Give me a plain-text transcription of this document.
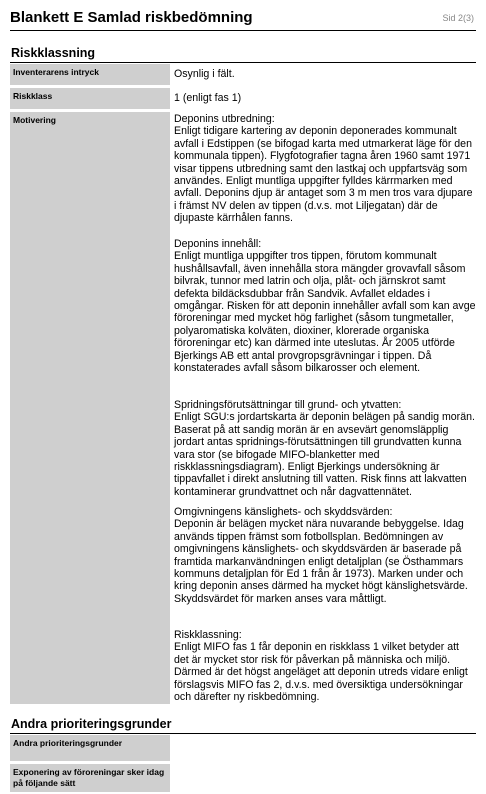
Blankett E Samlad riskbedömning	Sid 2(3)
Riskklassning
Inventerarens intryck	Osynlig i fält.
Riskklass	1 (enligt fas 1)
Motivering	Deponins utbredning:
Enligt tidigare kartering av deponin deponerades kommunalt avfall i Edstippen (se bifogad karta med utmarkerat läge för den kommunala tippen). Flygfotografier tagna åren 1960 samt 1971 visar tippens utbredning samt den lastkaj och uppfartsväg som användes. Enligt muntliga uppgifter fylldes kärrmarken med avfall. Deponins djup är antaget som 3 m men tros vara djupare i främst NV delen av tippen (d.v.s. mot Liljegatan) där de djupaste kärrhålen fanns.
Deponins innehåll:
Enligt muntliga uppgifter tros tippen, förutom kommunalt hushållsavfall, även innehålla stora mängder grovavfall såsom bilvrak, tunnor med latrin och olja, plåt- och järnskrot samt defekta bildäcksdubbar från Sandvik. Avfallet eldades i omgångar. Risken för att deponin innehåller avfall som kan avge föroreningar med mycket hög farlighet (såsom tungmetaller, polyaromatiska kolväten, dioxiner, klorerade organiska föroreningar etc) kan därmed inte uteslutas. År 2005 utförde Bjerkings AB ett antal provgropsgrävningar i tippen. Då konstaterades avfall såsom bilkarosser och element.
Spridningsförutsättningar till grund- och ytvatten:
Enligt SGU:s jordartskarta är deponin belägen på sandig morän. Baserat på att sandig morän är en avsevärt genomsläpplig jordart antas spridnings-förutsättningen till grundvatten kunna vara stor (se bifogade MIFO-blanketter med riskklassningsdiagram). Enligt Bjerkings undersökning är tippavfallet i direkt anslutning till vatten. Risk finns att lakvatten kontaminerar grundvattnet och når dagvattennätet.
Omgivningens känslighets- och skyddsvärden:
Deponin är belägen mycket nära nuvarande bebyggelse. Idag används tippen främst som fotbollsplan. Bedömningen av omgivningens känslighets- och skyddsvärden är baserade på framtida markanvändningen enligt detaljplan (se Östhammars kommuns detaljplan för Ed 1 från år 1973). Marken under och kring deponin anses därmed ha mycket högt känslighetsvärde. Skyddsvärdet för marken anses vara måttligt.
Riskklassning:
Enligt MIFO fas 1 får deponin en riskklass 1 vilket betyder att det är mycket stor risk för påverkan på människa och miljö. Därmed är det högst angeläget att deponin utreds vidare enligt förslagsvis MIFO fas 2, d.v.s. med översiktiga undersökningar och därefter ny riskbedömning.
Andra prioriteringsgrunder
Andra prioriteringsgrunder
Exponering av föroreningar sker idag på följande sätt
